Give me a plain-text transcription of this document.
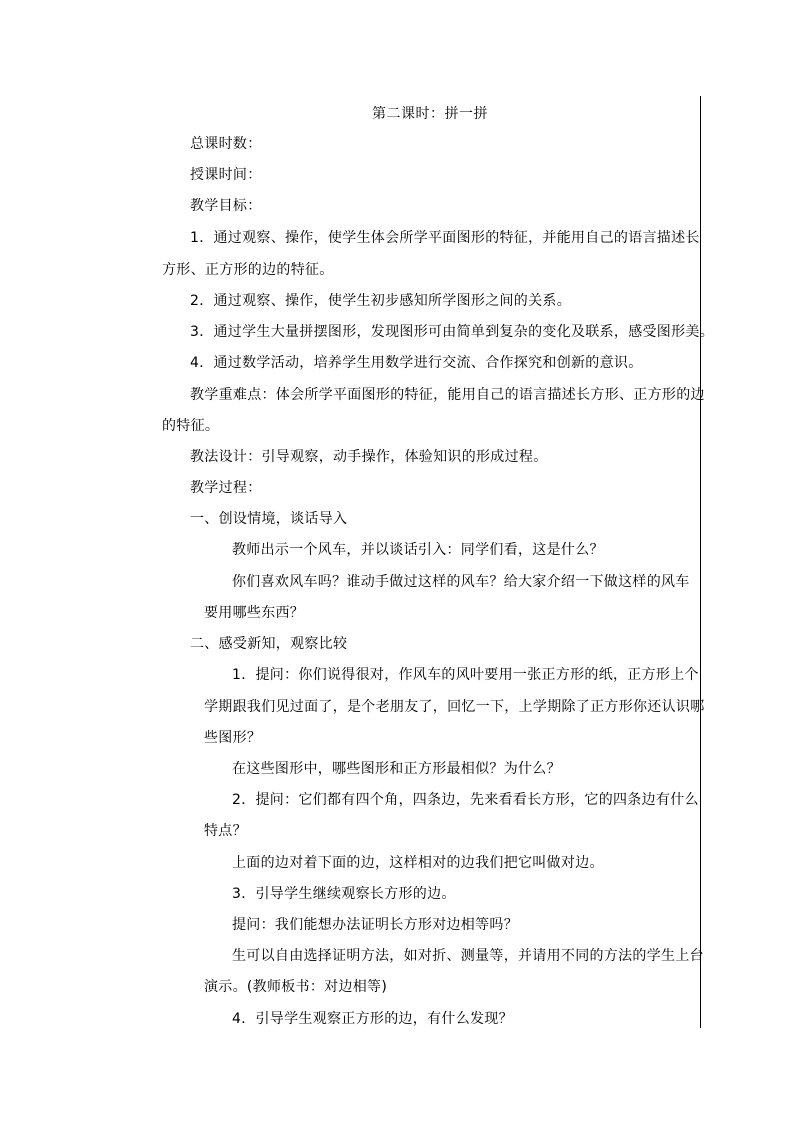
第二课时：拼一拼
总课时数：
授课时间：
教学目标：
1．通过观察、操作，使学生体会所学平面图形的特征，并能用自己的语言描述长
方形、正方形的边的特征。
2．通过观察、操作，使学生初步感知所学图形之间的关系。
3．通过学生大量拼摆图形，发现图形可由简单到复杂的变化及联系，感受图形美。
4．通过数学活动，培养学生用数学进行交流、合作探究和创新的意识。
教学重难点：体会所学平面图形的特征，能用自己的语言描述长方形、正方形的边
的特征。
教法设计：引导观察，动手操作，体验知识的形成过程。
教学过程：
一、创设情境，谈话导入
教师出示一个风车，并以谈话引入：同学们看，这是什么？
你们喜欢风车吗？谁动手做过这样的风车？给大家介绍一下做这样的风车
要用哪些东西？
二、感受新知，观察比较
1．提问：你们说得很对，作风车的风叶要用一张正方形的纸，正方形上个
学期跟我们见过面了，是个老朋友了，回忆一下，上学期除了正方形你还认识哪
些图形？
在这些图形中，哪些图形和正方形最相似？为什么？
2．提问：它们都有四个角，四条边，先来看看长方形，它的四条边有什么
特点？
上面的边对着下面的边，这样相对的边我们把它叫做对边。
3．引导学生继续观察长方形的边。
提问：我们能想办法证明长方形对边相等吗？
生可以自由选择证明方法，如对折、测量等，并请用不同的方法的学生上台
演示。(教师板书：对边相等)
4．引导学生观察正方形的边，有什么发现？
